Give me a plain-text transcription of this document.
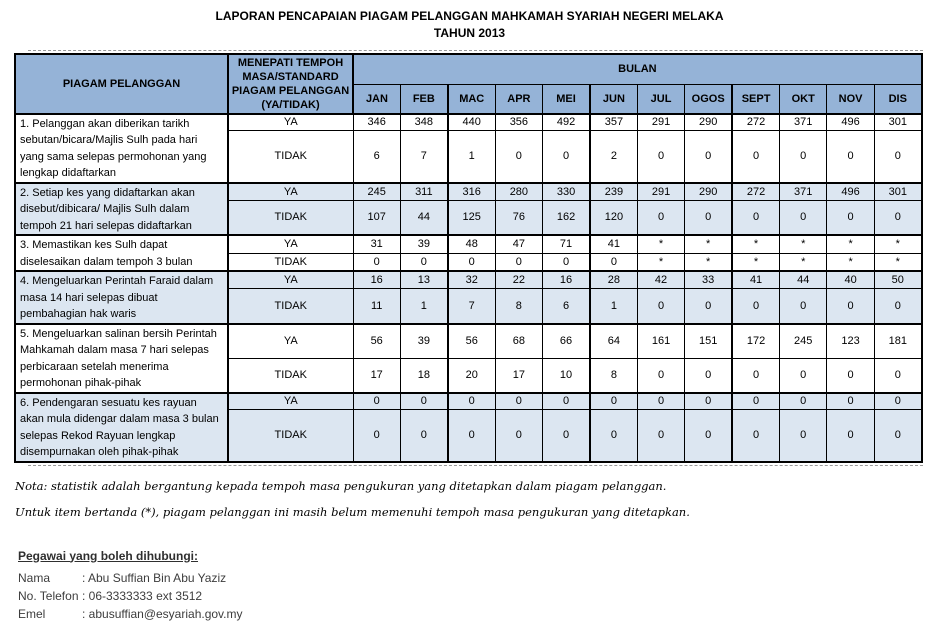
LAPORAN PENCAPAIAN PIAGAM PELANGGAN MAHKAMAH SYARIAH NEGERI MELAKA
TAHUN 2013
PIAGAM PELANGGAN	MENEPATI TEMPOH MASA/STANDARD PIAGAM PELANGGAN (YA/TIDAK)	BULAN											
		JAN	FEB	MAC	APR	MEI	JUN	JUL	OGOS	SEPT	OKT	NOV	DIS
1. Pelanggan akan diberikan tarikh sebutan/bicara/Majlis Sulh pada hari yang sama selepas permohonan yang lengkap didaftarkan	YA	346	348	440	356	492	357	291	290	272	371	496	301
	TIDAK	6	7	1	0	0	2	0	0	0	0	0	0
2. Setiap kes yang didaftarkan akan disebut/dibicara/ Majlis Sulh dalam tempoh 21 hari selepas didaftarkan	YA	245	311	316	280	330	239	291	290	272	371	496	301
	TIDAK	107	44	125	76	162	120	0	0	0	0	0	0
3. Memastikan kes Sulh dapat diselesaikan dalam tempoh 3 bulan	YA	31	39	48	47	71	41	*	*	*	*	*	*
	TIDAK	0	0	0	0	0	0	*	*	*	*	*	*
4. Mengeluarkan Perintah Faraid dalam masa 14 hari selepas dibuat pembahagian hak waris	YA	16	13	32	22	16	28	42	33	41	44	40	50
	TIDAK	11	1	7	8	6	1	0	0	0	0	0	0
5. Mengeluarkan salinan bersih Perintah Mahkamah dalam masa 7 hari selepas perbicaraan setelah menerima permohonan pihak-pihak	YA	56	39	56	68	66	64	161	151	172	245	123	181
	TIDAK	17	18	20	17	10	8	0	0	0	0	0	0
6. Pendengaran sesuatu kes rayuan akan mula didengar dalam masa 3 bulan selepas Rekod Rayuan lengkap disempurnakan oleh pihak-pihak	YA	0	0	0	0	0	0	0	0	0	0	0	0
	TIDAK	0	0	0	0	0	0	0	0	0	0	0	0

Nota: statistik adalah bergantung kepada tempoh masa pengukuran yang ditetapkan dalam piagam pelanggan.

Untuk item bertanda (*), piagam pelanggan ini masih belum memenuhi tempoh masa pengukuran yang ditetapkan.

Pegawai yang boleh dihubungi:
Nama	: Abu Suffian Bin Abu Yaziz
No. Telefon : 06-3333333 ext 3512
Emel	: abusuffian@esyariah.gov.my
